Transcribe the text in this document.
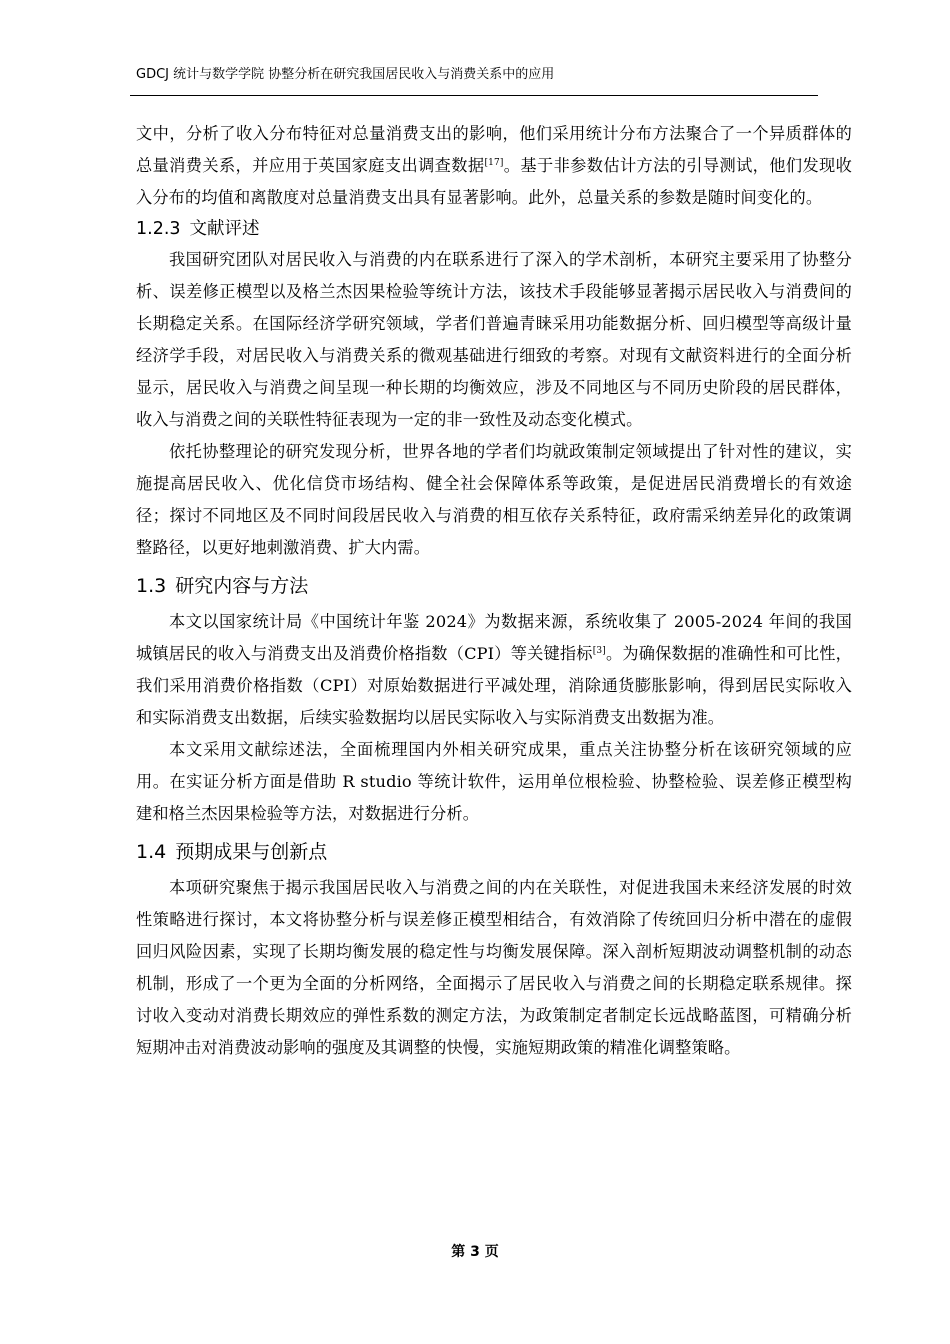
GDCJ 统计与数学学院 协整分析在研究我国居民收入与消费关系中的应用

文中，分析了收入分布特征对总量消费支出的影响，他们采用统计分布方法聚合了一个异质群体的总量消费关系，并应用于英国家庭支出调查数据[17]。基于非参数估计方法的引导测试，他们发现收入分布的均值和离散度对总量消费支出具有显著影响。此外，总量关系的参数是随时间变化的。

1.2.3 文献评述

我国研究团队对居民收入与消费的内在联系进行了深入的学术剖析，本研究主要采用了协整分析、误差修正模型以及格兰杰因果检验等统计方法，该技术手段能够显著揭示居民收入与消费间的长期稳定关系。在国际经济学研究领域，学者们普遍青睐采用功能数据分析、回归模型等高级计量经济学手段，对居民收入与消费关系的微观基础进行细致的考察。对现有文献资料进行的全面分析显示，居民收入与消费之间呈现一种长期的均衡效应，涉及不同地区与不同历史阶段的居民群体，收入与消费之间的关联性特征表现为一定的非一致性及动态变化模式。

依托协整理论的研究发现分析，世界各地的学者们均就政策制定领域提出了针对性的建议，实施提高居民收入、优化信贷市场结构、健全社会保障体系等政策，是促进居民消费增长的有效途径；探讨不同地区及不同时间段居民收入与消费的相互依存关系特征，政府需采纳差异化的政策调整路径，以更好地刺激消费、扩大内需。

1.3 研究内容与方法

本文以国家统计局《中国统计年鉴 2024》为数据来源，系统收集了 2005-2024 年间的我国城镇居民的收入与消费支出及消费价格指数（CPI）等关键指标[3]。为确保数据的准确性和可比性，我们采用消费价格指数（CPI）对原始数据进行平减处理，消除通货膨胀影响，得到居民实际收入和实际消费支出数据，后续实验数据均以居民实际收入与实际消费支出数据为准。

本文采用文献综述法，全面梳理国内外相关研究成果，重点关注协整分析在该研究领域的应用。在实证分析方面是借助 R studio 等统计软件，运用单位根检验、协整检验、误差修正模型构建和格兰杰因果检验等方法，对数据进行分析。

1.4 预期成果与创新点

本项研究聚焦于揭示我国居民收入与消费之间的内在关联性，对促进我国未来经济发展的时效性策略进行探讨，本文将协整分析与误差修正模型相结合，有效消除了传统回归分析中潜在的虚假回归风险因素，实现了长期均衡发展的稳定性与均衡发展保障。深入剖析短期波动调整机制的动态机制，形成了一个更为全面的分析网络，全面揭示了居民收入与消费之间的长期稳定联系规律。探讨收入变动对消费长期效应的弹性系数的测定方法，为政策制定者制定长远战略蓝图，可精确分析短期冲击对消费波动影响的强度及其调整的快慢，实施短期政策的精准化调整策略。

第 3 页
